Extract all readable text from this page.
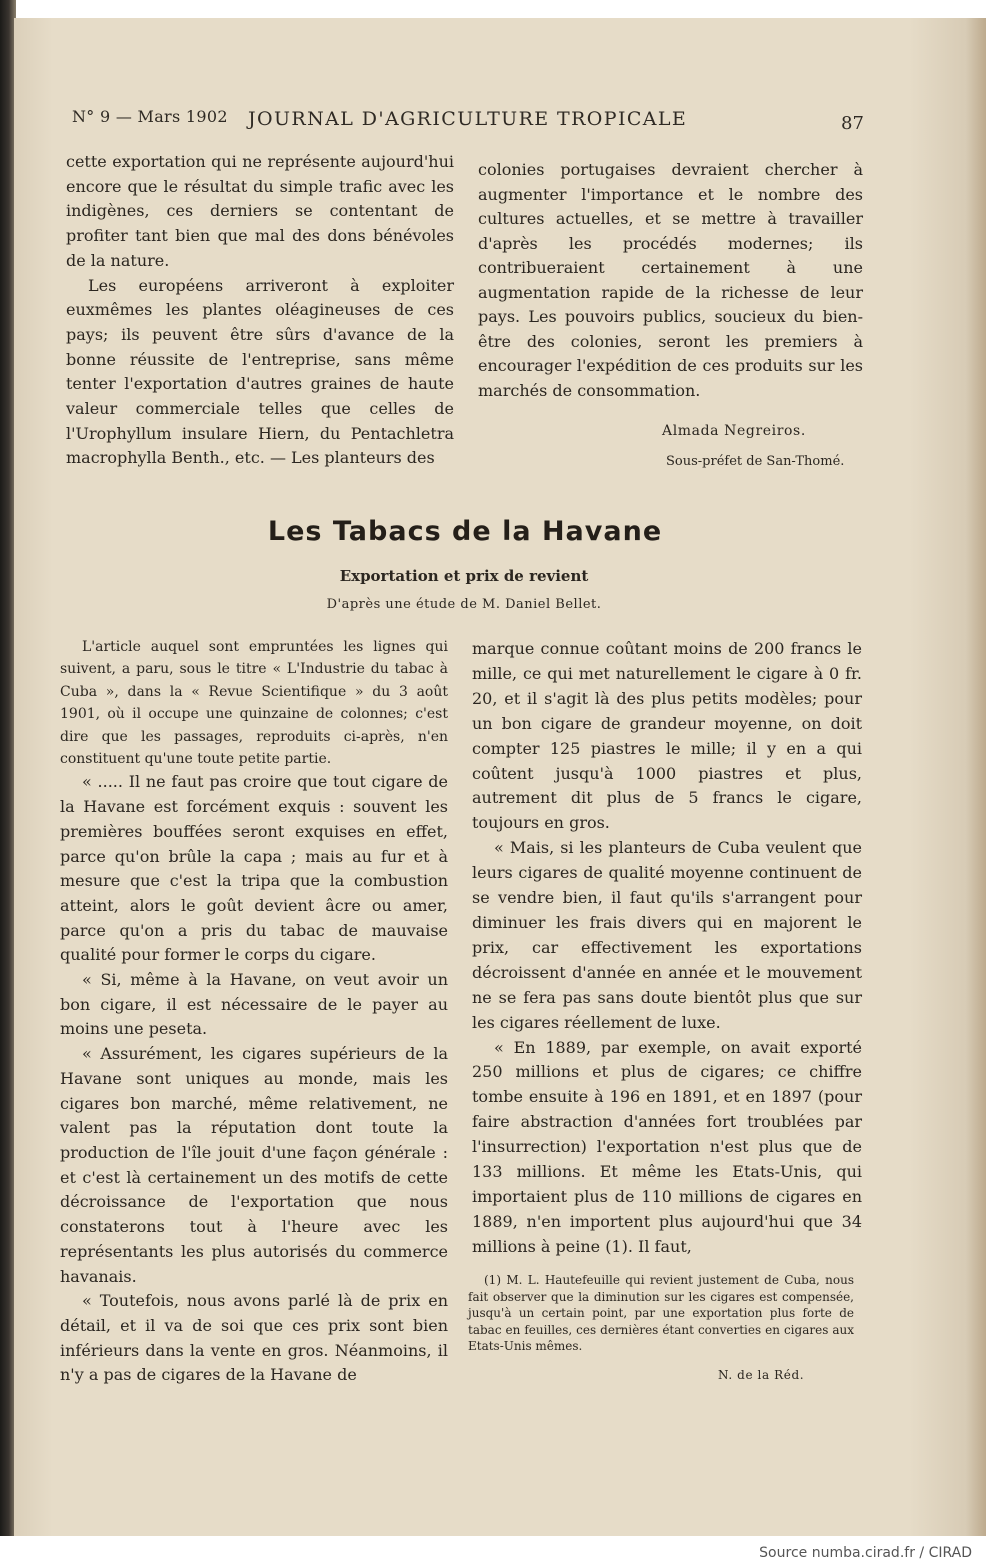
N° 9 — Mars 1902 JOURNAL D'AGRICULTURE TROPICALE	87

cette exportation qui ne représente aujourd'hui encore que le résultat du simple trafic avec les indigènes, ces derniers se contentant de profiter tant bien que mal des dons bénévoles de la nature.

Les européens arriveront à exploiter euxmêmes les plantes oléagineuses de ces pays; ils peuvent être sûrs d'avance de la bonne réussite de l'entreprise, sans même tenter l'exportation d'autres graines de haute valeur commerciale telles que celles de l'Urophyllum insulare Hiern, du Pentachletra macrophylla Benth., etc. — Les planteurs des

colonies portugaises devraient chercher à augmenter l'importance et le nombre des cultures actuelles, et se mettre à travailler d'après les procédés modernes; ils contribueraient certainement à une augmentation rapide de la richesse de leur pays. Les pouvoirs publics, soucieux du bien-être des colonies, seront les premiers à encourager l'expédition de ces produits sur les marchés de consommation.

Almada Negreiros.
Sous-préfet de San-Thomé.
Les Tabacs de la Havane
Exportation et prix de revient
D'après une étude de M. Daniel Bellet.

L'article auquel sont empruntées les lignes qui suivent, a paru, sous le titre « L'Industrie du tabac à Cuba », dans la « Revue Scientifique » du 3 août 1901, où il occupe une quinzaine de colonnes; c'est dire que les passages, reproduits ci-après, n'en constituent qu'une toute petite partie.

« ..... Il ne faut pas croire que tout cigare de la Havane est forcément exquis : souvent les premières bouffées seront exquises en effet, parce qu'on brûle la capa ; mais au fur et à mesure que c'est la tripa que la combustion atteint, alors le goût devient âcre ou amer, parce qu'on a pris du tabac de mauvaise qualité pour former le corps du cigare.

« Si, même à la Havane, on veut avoir un bon cigare, il est nécessaire de le payer au moins une peseta.

« Assurément, les cigares supérieurs de la Havane sont uniques au monde, mais les cigares bon marché, même relativement, ne valent pas la réputation dont toute la production de l'île jouit d'une façon générale : et c'est là certainement un des motifs de cette décroissance de l'exportation que nous constaterons tout à l'heure avec les représentants les plus autorisés du commerce havanais.

« Toutefois, nous avons parlé là de prix en détail, et il va de soi que ces prix sont bien inférieurs dans la vente en gros. Néanmoins, il n'y a pas de cigares de la Havane de

marque connue coûtant moins de 200 francs le mille, ce qui met naturellement le cigare à 0 fr. 20, et il s'agit là des plus petits modèles; pour un bon cigare de grandeur moyenne, on doit compter 125 piastres le mille; il y en a qui coûtent jusqu'à 1000 piastres et plus, autrement dit plus de 5 francs le cigare, toujours en gros.

« Mais, si les planteurs de Cuba veulent que leurs cigares de qualité moyenne continuent de se vendre bien, il faut qu'ils s'arrangent pour diminuer les frais divers qui en majorent le prix, car effectivement les exportations décroissent d'année en année et le mouvement ne se fera pas sans doute bientôt plus que sur les cigares réellement de luxe.

« En 1889, par exemple, on avait exporté 250 millions et plus de cigares; ce chiffre tombe ensuite à 196 en 1891, et en 1897 (pour faire abstraction d'années fort troublées par l'insurrection) l'exportation n'est plus que de 133 millions. Et même les Etats-Unis, qui importaient plus de 110 millions de cigares en 1889, n'en importent plus aujourd'hui que 34 millions à peine (1). Il faut,

(1) M. L. Hautefeuille qui revient justement de Cuba, nous fait observer que la diminution sur les cigares est compensée, jusqu'à un certain point, par une exportation plus forte de tabac en feuilles, ces dernières étant converties en cigares aux Etats-Unis mêmes.

N. de la Réd.
Source numba.cirad.fr / CIRAD
